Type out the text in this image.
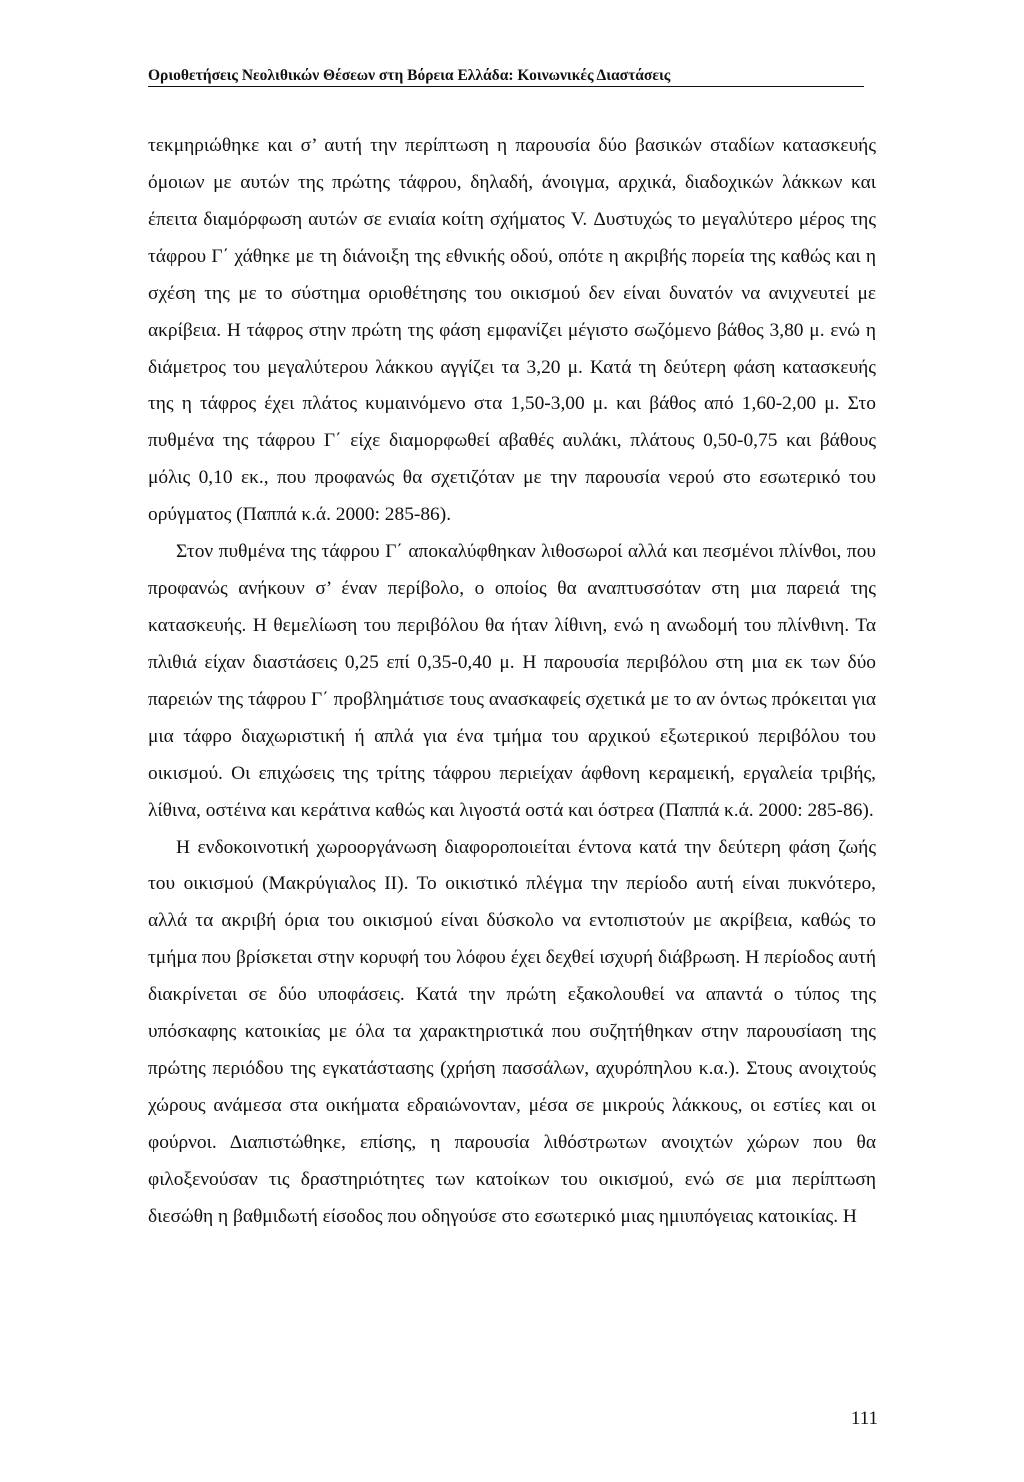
Οριοθετήσεις Νεολιθικών Θέσεων στη Βόρεια Ελλάδα: Κοινωνικές Διαστάσεις

τεκμηριώθηκε και σ’ αυτή την περίπτωση η παρουσία δύο βασικών σταδίων κατασκευής όμοιων με αυτών της πρώτης τάφρου, δηλαδή, άνοιγμα, αρχικά, διαδοχικών λάκκων και έπειτα διαμόρφωση αυτών σε ενιαία κοίτη σχήματος V. Δυστυχώς το μεγαλύτερο μέρος της τάφρου Γ΄ χάθηκε με τη διάνοιξη της εθνικής οδού, οπότε η ακριβής πορεία της καθώς και η σχέση της με το σύστημα οριοθέτησης του οικισμού δεν είναι δυνατόν να ανιχνευτεί με ακρίβεια. Η τάφρος στην πρώτη της φάση εμφανίζει μέγιστο σωζόμενο βάθος 3,80 μ. ενώ η διάμετρος του μεγαλύτερου λάκκου αγγίζει τα 3,20 μ. Κατά τη δεύτερη φάση κατασκευής της η τάφρος έχει πλάτος κυμαινόμενο στα 1,50-3,00 μ. και βάθος από 1,60-2,00 μ. Στο πυθμένα της τάφρου Γ΄ είχε διαμορφωθεί αβαθές αυλάκι, πλάτους 0,50-0,75 και βάθους μόλις 0,10 εκ., που προφανώς θα σχετιζόταν με την παρουσία νερού στο εσωτερικό του ορύγματος (Παππά κ.ά. 2000: 285-86).

Στον πυθμένα της τάφρου Γ΄ αποκαλύφθηκαν λιθοσωροί αλλά και πεσμένοι πλίνθοι, που προφανώς ανήκουν σ’ έναν περίβολο, ο οποίος θα αναπτυσσόταν στη μια παρειά της κατασκευής. Η θεμελίωση του περιβόλου θα ήταν λίθινη, ενώ η ανωδομή του πλίνθινη. Τα πλιθιά είχαν διαστάσεις 0,25 επί 0,35-0,40 μ. Η παρουσία περιβόλου στη μια εκ των δύο παρειών της τάφρου Γ΄ προβλημάτισε τους ανασκαφείς σχετικά με το αν όντως πρόκειται για μια τάφρο διαχωριστική ή απλά για ένα τμήμα του αρχικού εξωτερικού περιβόλου του οικισμού. Οι επιχώσεις της τρίτης τάφρου περιείχαν άφθονη κεραμεική, εργαλεία τριβής, λίθινα, οστέινα και κεράτινα καθώς και λιγοστά οστά και όστρεα (Παππά κ.ά. 2000: 285-86).

Η ενδοκοινοτική χωροοργάνωση διαφοροποιείται έντονα κατά την δεύτερη φάση ζωής του οικισμού (Μακρύγιαλος ΙΙ). Το οικιστικό πλέγμα την περίοδο αυτή είναι πυκνότερο, αλλά τα ακριβή όρια του οικισμού είναι δύσκολο να εντοπιστούν με ακρίβεια, καθώς το τμήμα που βρίσκεται στην κορυφή του λόφου έχει δεχθεί ισχυρή διάβρωση. Η περίοδος αυτή διακρίνεται σε δύο υποφάσεις. Κατά την πρώτη εξακολουθεί να απαντά ο τύπος της υπόσκαφης κατοικίας με όλα τα χαρακτηριστικά που συζητήθηκαν στην παρουσίαση της πρώτης περιόδου της εγκατάστασης (χρήση πασσάλων, αχυρόπηλου κ.α.). Στους ανοιχτούς χώρους ανάμεσα στα οικήματα εδραιώνονταν, μέσα σε μικρούς λάκκους, οι εστίες και οι φούρνοι. Διαπιστώθηκε, επίσης, η παρουσία λιθόστρωτων ανοιχτών χώρων που θα φιλοξενούσαν τις δραστηριότητες των κατοίκων του οικισμού, ενώ σε μια περίπτωση διεσώθη η βαθμιδωτή είσοδος που οδηγούσε στο εσωτερικό μιας ημιυπόγειας κατοικίας. Η

111
